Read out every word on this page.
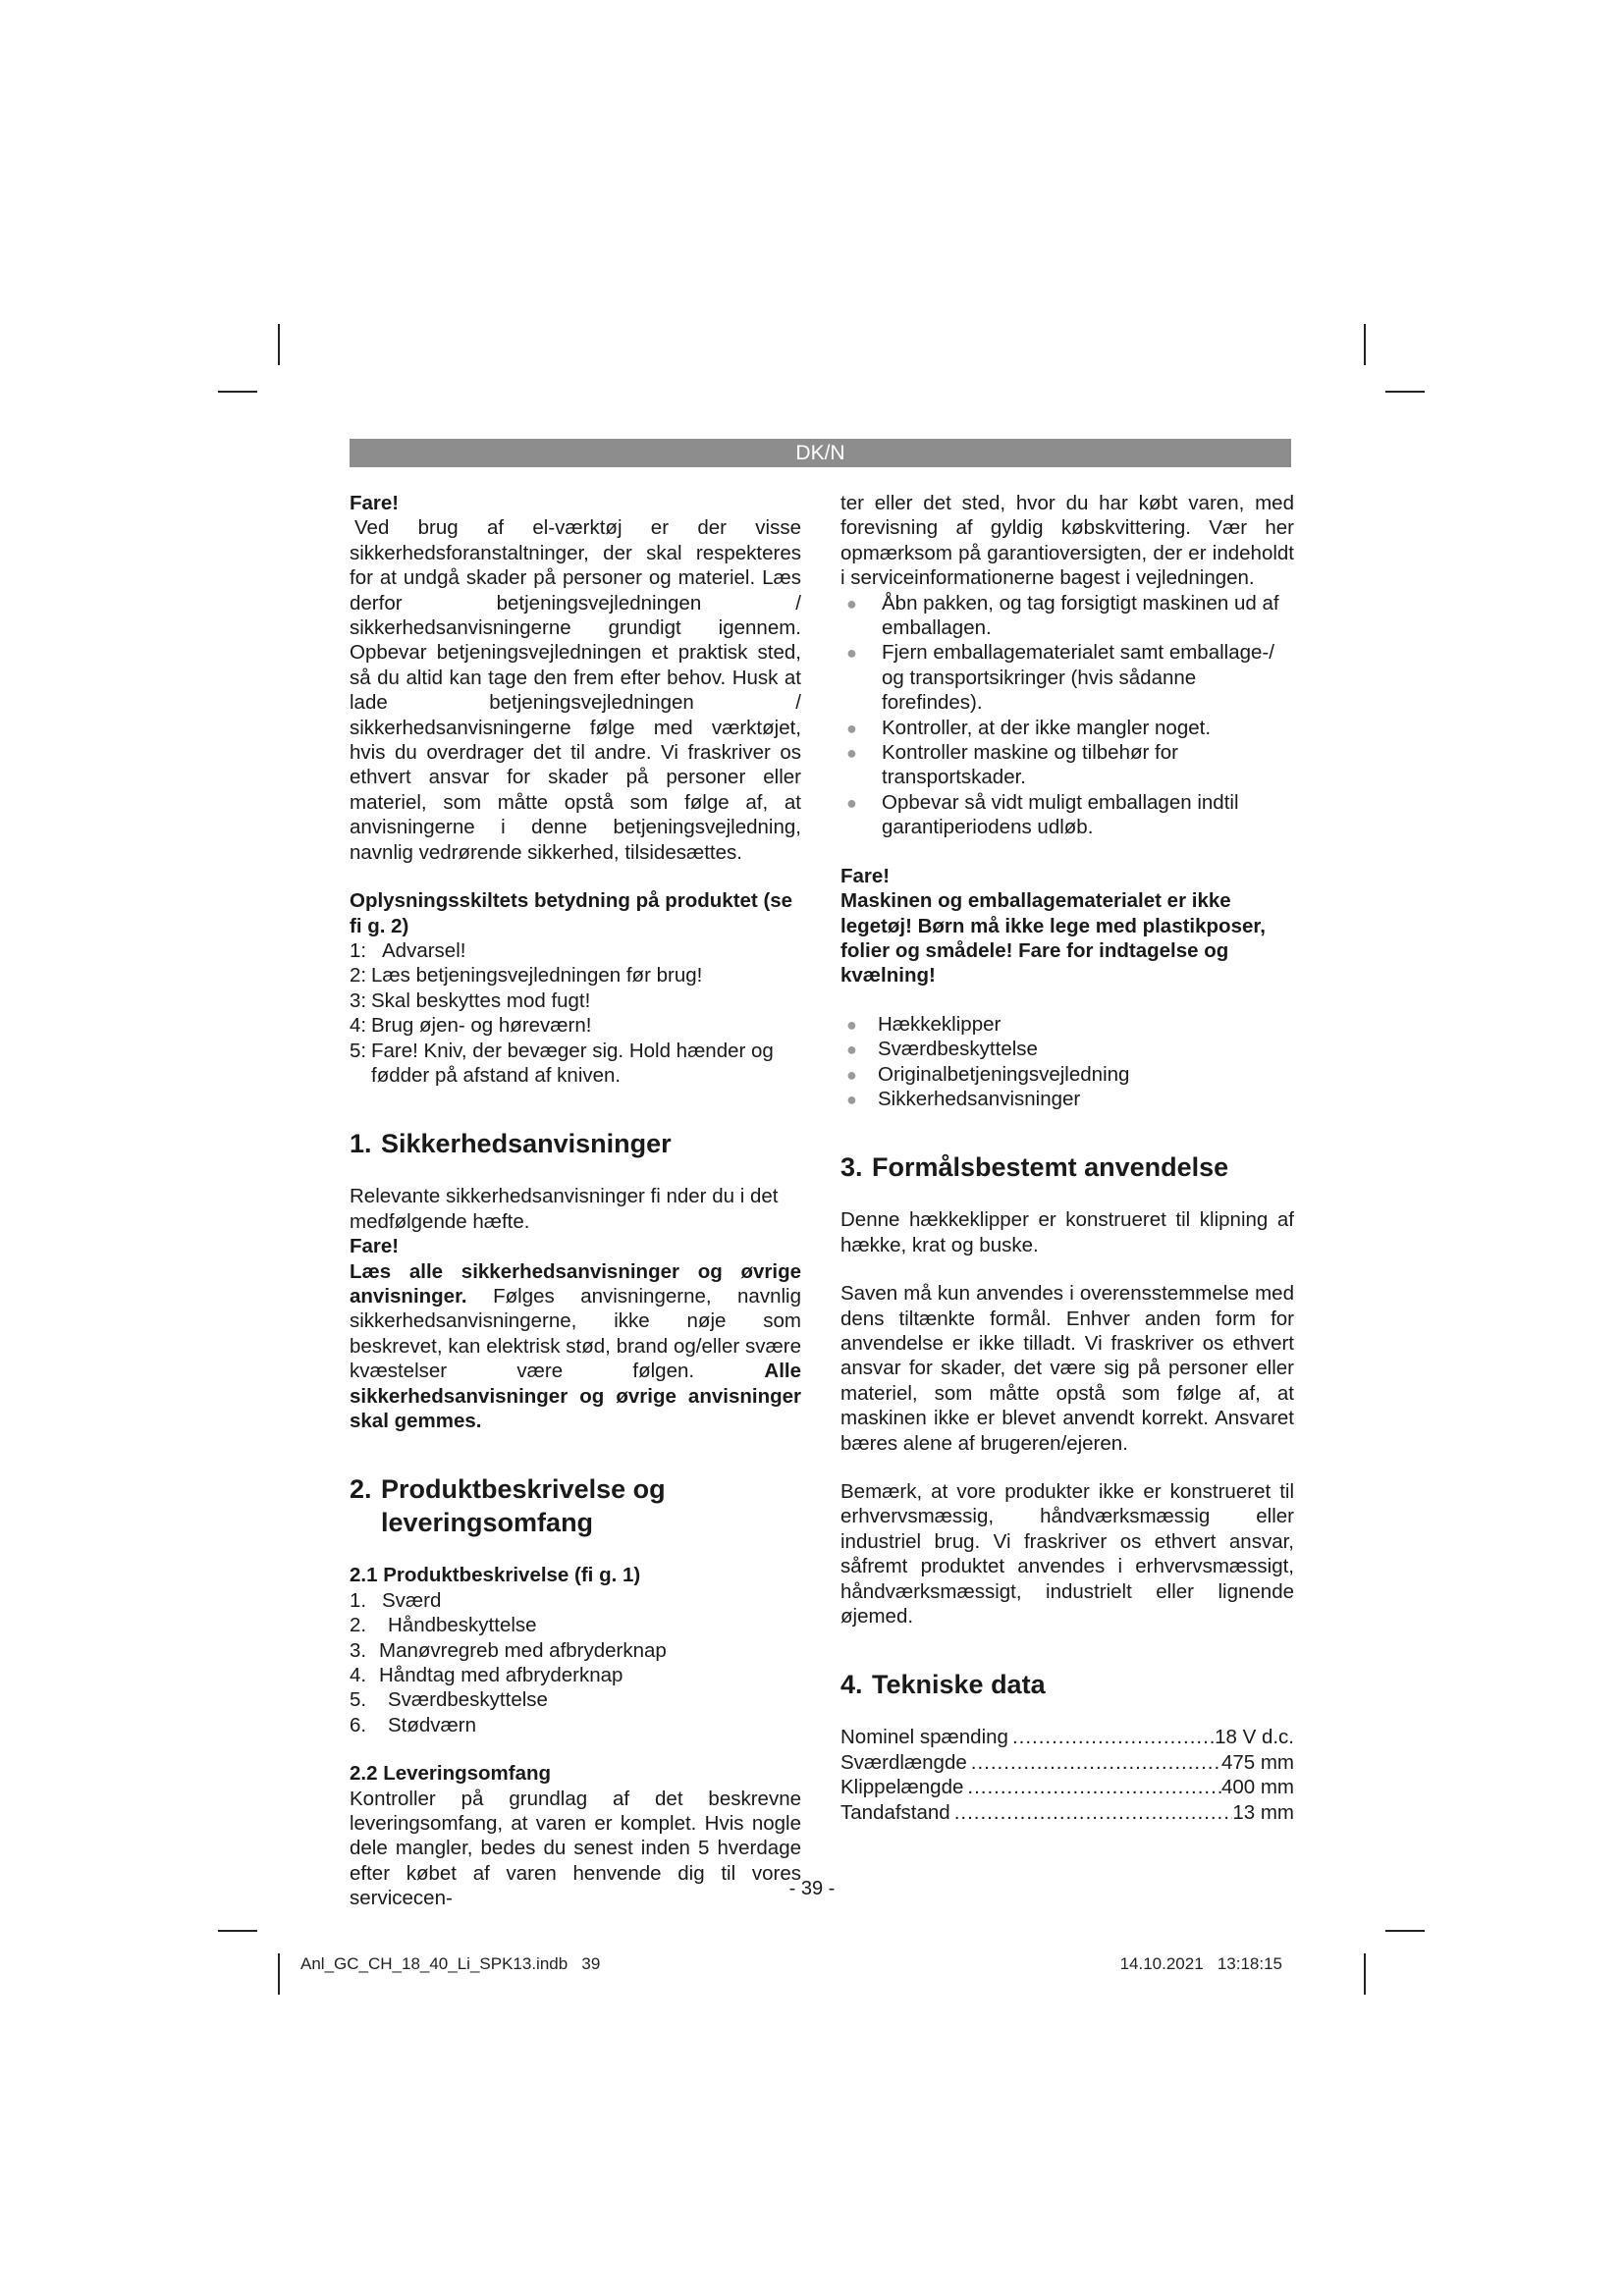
DK/N

Fare!

Ved brug af el-værktøj er der visse sikkerhedsforanstaltninger, der skal respekteres for at undgå skader på personer og materiel. Læs derfor betjeningsvejledningen / sikkerhedsanvisningerne grundigt igennem. Opbevar betjeningsvejledningen et praktisk sted, så du altid kan tage den frem efter behov. Husk at lade betjeningsvejledningen / sikkerhedsanvisningerne følge med værktøjet, hvis du overdrager det til andre. Vi fraskriver os ethvert ansvar for skader på personer eller materiel, som måtte opstå som følge af, at anvisningerne i denne betjeningsvejledning, navnlig vedrørende sikkerhed, tilsidesættes.

Oplysningsskiltets betydning på produktet (se fi g. 2)
1: Advarsel!
2: Læs betjeningsvejledningen før brug!
3: Skal beskyttes mod fugt!
4: Brug øjen- og høreværn!
5: Fare! Kniv, der bevæger sig. Hold hænder og fødder på afstand af kniven.
1. Sikkerhedsanvisninger

Relevante sikkerhedsanvisninger fi nder du i det medfølgende hæfte.

Fare!

Læs alle sikkerhedsanvisninger og øvrige anvisninger. Følges anvisningerne, navnlig sikkerhedsanvisningerne, ikke nøje som beskrevet, kan elektrisk stød, brand og/eller svære kvæstelser være følgen. Alle sikkerhedsanvisninger og øvrige anvisninger skal gemmes.

2. Produktbeskrivelse og
leveringsomfang
2.1 Produktbeskrivelse (fi g. 1)
1. Sværd
2. Håndbeskyttelse
3. Manøvregreb med afbryderknap
4. Håndtag med afbryderknap
5. Sværdbeskyttelse
6. Stødværn
2.2 Leveringsomfang

Kontroller på grundlag af det beskrevne leveringsomfang, at varen er komplet. Hvis nogle dele mangler, bedes du senest inden 5 hverdage efter købet af varen henvende dig til vores servicecen-

ter eller det sted, hvor du har købt varen, med forevisning af gyldig købskvittering. Vær her opmærksom på garantioversigten, der er indeholdt i serviceinformationerne bagest i vejledningen.

● Åbn pakken, og tag forsigtigt maskinen ud af emballagen.
● Fjern emballagematerialet samt emballage-/ og transportsikringer (hvis sådanne forefindes).
● Kontroller, at der ikke mangler noget.
● Kontroller maskine og tilbehør for transportskader.
● Opbevar så vidt muligt emballagen indtil garantiperiodens udløb.

Fare!

Maskinen og emballagematerialet er ikke legetøj! Børn må ikke lege med plastikposer, folier og smådele! Fare for indtagelse og kvælning!

● Hækkeklipper
● Sværdbeskyttelse
● Originalbetjeningsvejledning
● Sikkerhedsanvisninger
3. Formålsbestemt anvendelse

Denne hækkeklipper er konstrueret til klipning af hække, krat og buske.

Saven må kun anvendes i overensstemmelse med dens tiltænkte formål. Enhver anden form for anvendelse er ikke tilladt. Vi fraskriver os ethvert ansvar for skader, det være sig på personer eller materiel, som måtte opstå som følge af, at maskinen ikke er blevet anvendt korrekt. Ansvaret bæres alene af brugeren/ejeren.

Bemærk, at vore produkter ikke er konstrueret til erhvervsmæssig, håndværksmæssig eller industriel brug. Vi fraskriver os ethvert ansvar, såfremt produktet anvendes i erhvervsmæssigt, håndværksmæssigt, industrielt eller lignende øjemed.

4. Tekniske data
Nominel spænding .....	18 V d.c.
Sværdlængde .....	475 mm
Klippelængde .....	400 mm
Tandafstand .....	13 mm
- 39 -
Anl_GC_CH_18_40_Li_SPK13.indb   39	14.10.2021   13:18:15
